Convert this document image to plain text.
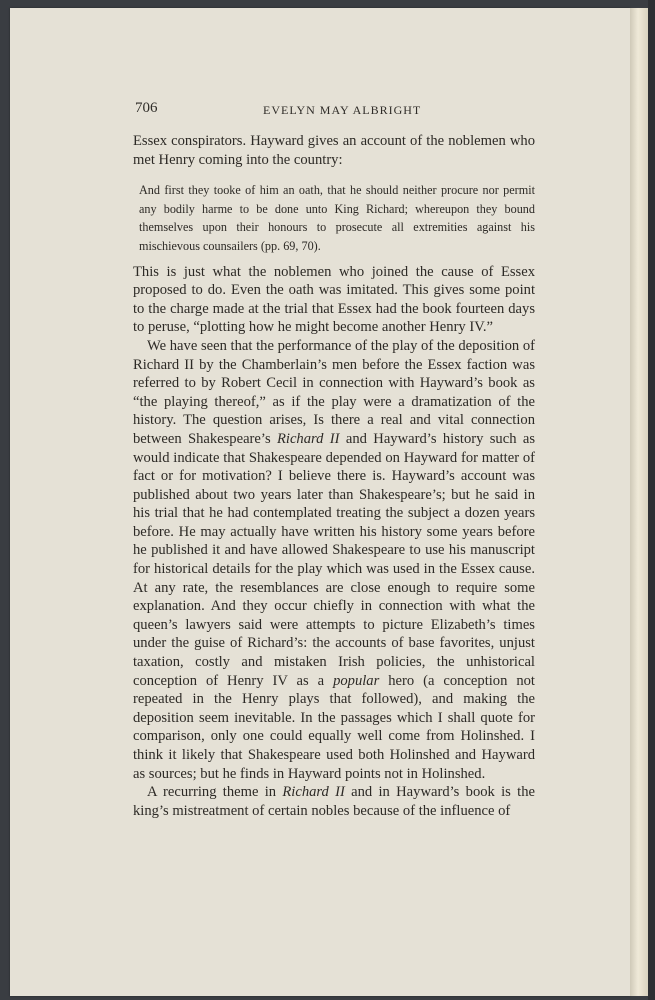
706	EVELYN MAY ALBRIGHT

Essex conspirators. Hayward gives an account of the noblemen who met Henry coming into the country:

And first they tooke of him an oath, that he should neither procure nor permit any bodily harme to be done unto King Richard; whereupon they bound themselves upon their honours to prosecute all extremities against his mischievous counsailers (pp. 69, 70).

This is just what the noblemen who joined the cause of Essex proposed to do. Even the oath was imitated. This gives some point to the charge made at the trial that Essex had the book fourteen days to peruse, “plotting how he might become another Henry IV.”

We have seen that the performance of the play of the deposition of Richard II by the Chamberlain’s men before the Essex faction was referred to by Robert Cecil in connection with Hayward’s book as “the playing thereof,” as if the play were a dramatization of the history. The question arises, Is there a real and vital connection between Shakespeare’s Richard II and Hayward’s history such as would indicate that Shakespeare depended on Hayward for matter of fact or for motivation? I believe there is. Hayward’s account was published about two years later than Shakespeare’s; but he said in his trial that he had contemplated treating the subject a dozen years before. He may actually have written his history some years before he published it and have allowed Shakespeare to use his manuscript for historical details for the play which was used in the Essex cause. At any rate, the resemblances are close enough to require some explanation. And they occur chiefly in connection with what the queen’s lawyers said were attempts to picture Elizabeth’s times under the guise of Richard’s: the accounts of base favorites, unjust taxation, costly and mistaken Irish policies, the unhistorical conception of Henry IV as a popular hero (a conception not repeated in the Henry plays that followed), and making the deposition seem inevitable. In the passages which I shall quote for comparison, only one could equally well come from Holinshed. I think it likely that Shakespeare used both Holinshed and Hayward as sources; but he finds in Hayward points not in Holinshed.

A recurring theme in Richard II and in Hayward’s book is the king’s mistreatment of certain nobles because of the influence of
